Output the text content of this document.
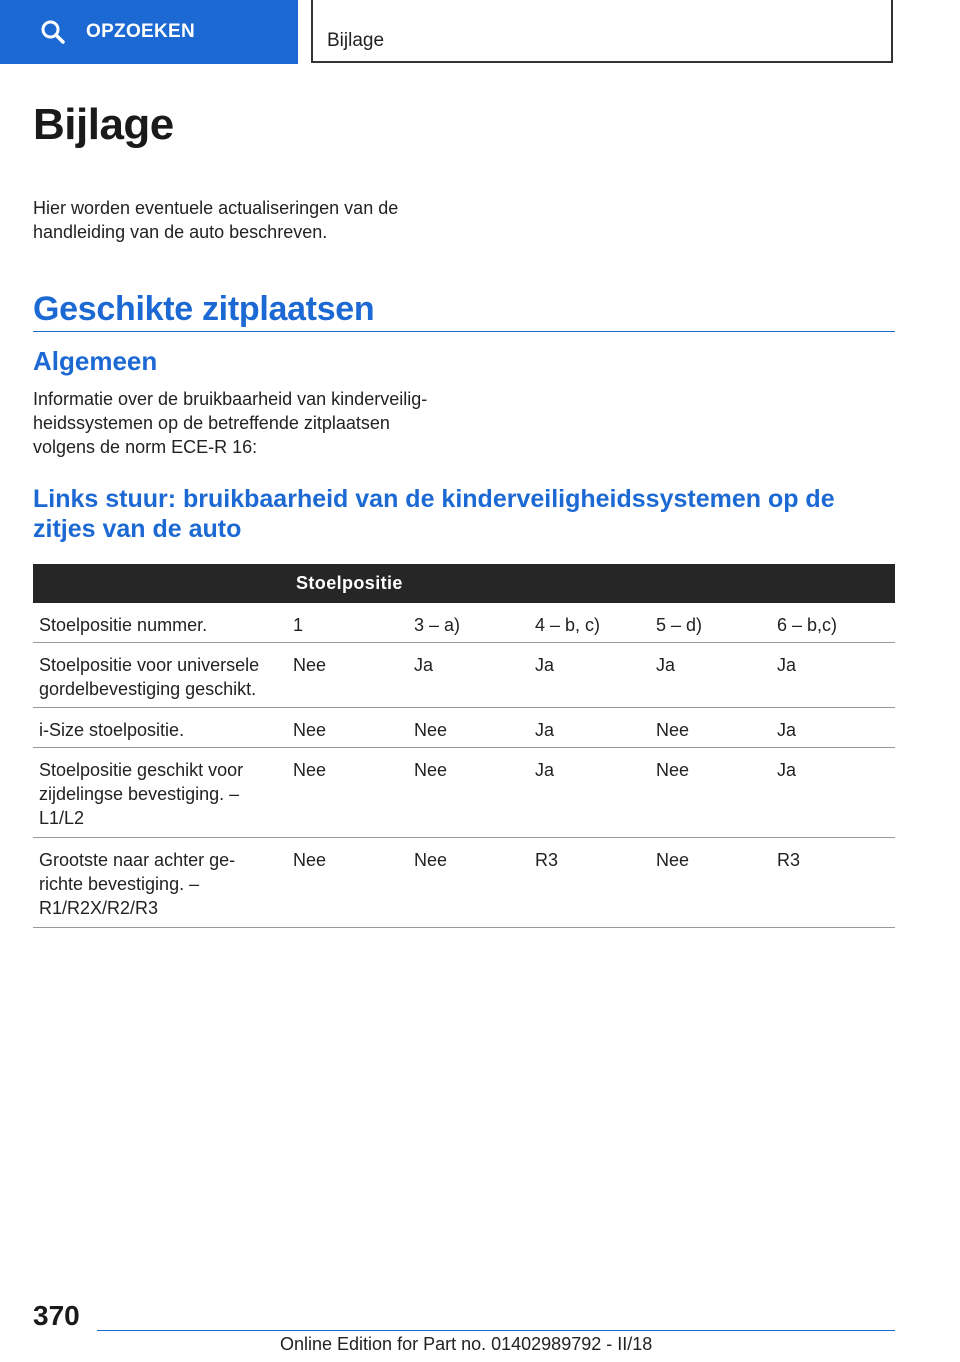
OPZOEKEN	Bijlage
Bijlage

Hier worden eventuele actualiseringen van de
handleiding van de auto beschreven.

Geschikte zitplaatsen
Algemeen

Informatie over de bruikbaarheid van kinderveilig-
heidssystemen op de betreffende zitplaatsen
volgens de norm ECE-R 16:

Links stuur: bruikbaarheid van de kinderveiligheidssystemen op de
zitjes van de auto
	Stoelpositie				
Stoelpositie nummer.	1	3 – a)	4 – b, c)	5 – d)	6 – b,c)
Stoelpositie voor universele
gordelbevestiging geschikt.	Nee	Ja	Ja	Ja	Ja
i-Size stoelpositie.	Nee	Nee	Ja	Nee	Ja
Stoelpositie geschikt voor
zijdelingse bevestiging. –
L1/L2	Nee	Nee	Ja	Nee	Ja
Grootste naar achter ge-
richte bevestiging. –
R1/R2X/R2/R3	Nee	Nee	R3	Nee	R3
370
Online Edition for Part no. 01402989792 - II/18
